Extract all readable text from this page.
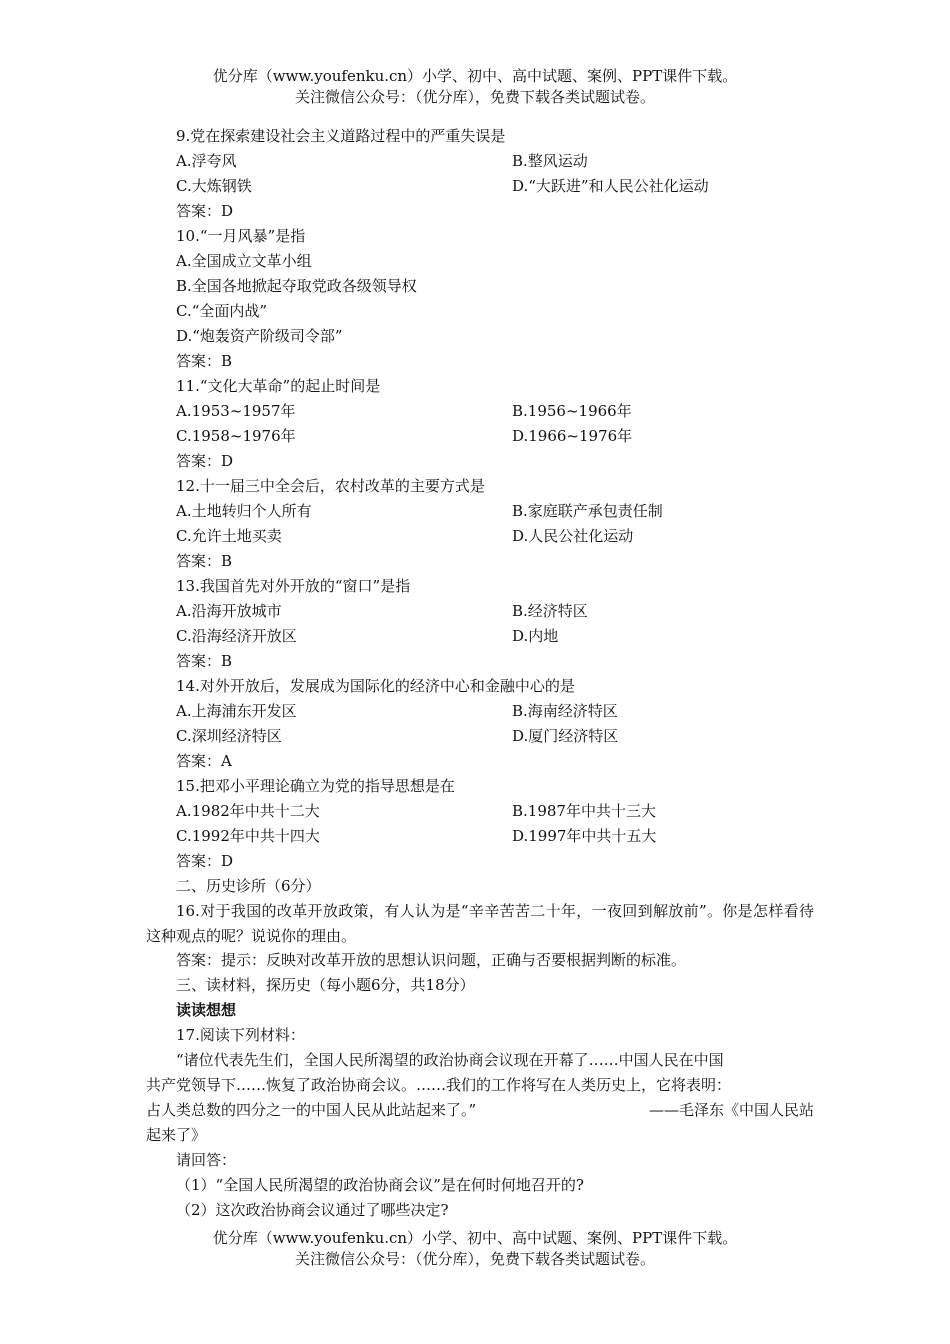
优分库（www.youfenku.cn）小学、初中、高中试题、案例、PPT课件下载。
关注微信公众号：（优分库），免费下载各类试题试卷。
9.党在探索建设社会主义道路过程中的严重失误是
A.浮夸风	B.整风运动
C.大炼钢铁	D.“大跃进”和人民公社化运动
答案：D
10.“一月风暴”是指
A.全国成立文革小组
B.全国各地掀起夺取党政各级领导权
C.“全面内战”
D.“炮轰资产阶级司令部”
答案：B
11.“文化大革命”的起止时间是
A.1953~1957年	B.1956~1966年
C.1958~1976年	D.1966~1976年
答案：D
12.十一届三中全会后，农村改革的主要方式是
A.土地转归个人所有	B.家庭联产承包责任制
C.允许土地买卖	D.人民公社化运动
答案：B
13.我国首先对外开放的“窗口”是指
A.沿海开放城市	B.经济特区
C.沿海经济开放区	D.内地
答案：B
14.对外开放后，发展成为国际化的经济中心和金融中心的是
A.上海浦东开发区	B.海南经济特区
C.深圳经济特区	D.厦门经济特区
答案：A
15.把邓小平理论确立为党的指导思想是在
A.1982年中共十二大	B.1987年中共十三大
C.1992年中共十四大	D.1997年中共十五大
答案：D
二、历史诊所（6分）

16.对于我国的改革开放政策，有人认为是“辛辛苦苦二十年，一夜回到解放前”。你是怎样看待这种观点的呢？说说你的理由。

答案：提示：反映对改革开放的思想认识问题，正确与否要根据判断的标准。
三、读材料，探历史（每小题6分，共18分）
读读想想
17.阅读下列材料：
“诸位代表先生们，全国人民所渴望的政治协商会议现在开幕了……中国人民在中国
共产党领导下……恢复了政治协商会议。……我们的工作将写在人类历史上，它将表明：
占人类总数的四分之一的中国人民从此站起来了。”	——毛泽东《中国人民站
起来了》
请回答：
（1）“全国人民所渴望的政治协商会议”是在何时何地召开的?
（2）这次政治协商会议通过了哪些决定?
优分库（www.youfenku.cn）小学、初中、高中试题、案例、PPT课件下载。
关注微信公众号：（优分库），免费下载各类试题试卷。
